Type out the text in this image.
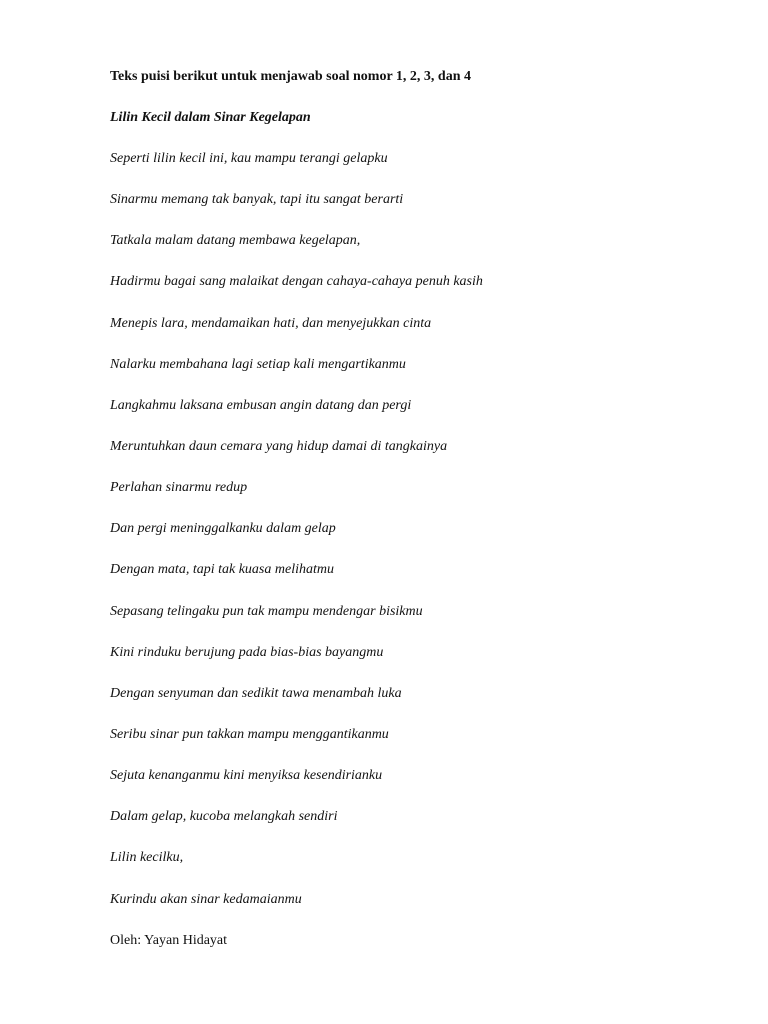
Teks puisi berikut untuk menjawab soal nomor 1, 2, 3, dan 4

Lilin Kecil dalam Sinar Kegelapan

Seperti lilin kecil ini, kau mampu terangi gelapku
Sinarmu memang tak banyak, tapi itu sangat berarti
Tatkala malam datang membawa kegelapan,
Hadirmu bagai sang malaikat dengan cahaya-cahaya penuh kasih
Menepis lara, mendamaikan hati, dan menyejukkan cinta
Nalarku membahana lagi setiap kali mengartikanmu
Langkahmu laksana embusan angin datang dan pergi
Meruntuhkan daun cemara yang hidup damai di tangkainya
Perlahan sinarmu redup
Dan pergi meninggalkanku dalam gelap
Dengan mata, tapi tak kuasa melihatmu
Sepasang telingaku pun tak mampu mendengar bisikmu
Kini rinduku berujung pada bias-bias bayangmu
Dengan senyuman dan sedikit tawa menambah luka
Seribu sinar pun takkan mampu menggantikanmu
Sejuta kenanganmu kini menyiksa kesendirianku
Dalam gelap, kucoba melangkah sendiri
Lilin kecilku,
Kurindu akan sinar kedamaianmu

Oleh: Yayan Hidayat
